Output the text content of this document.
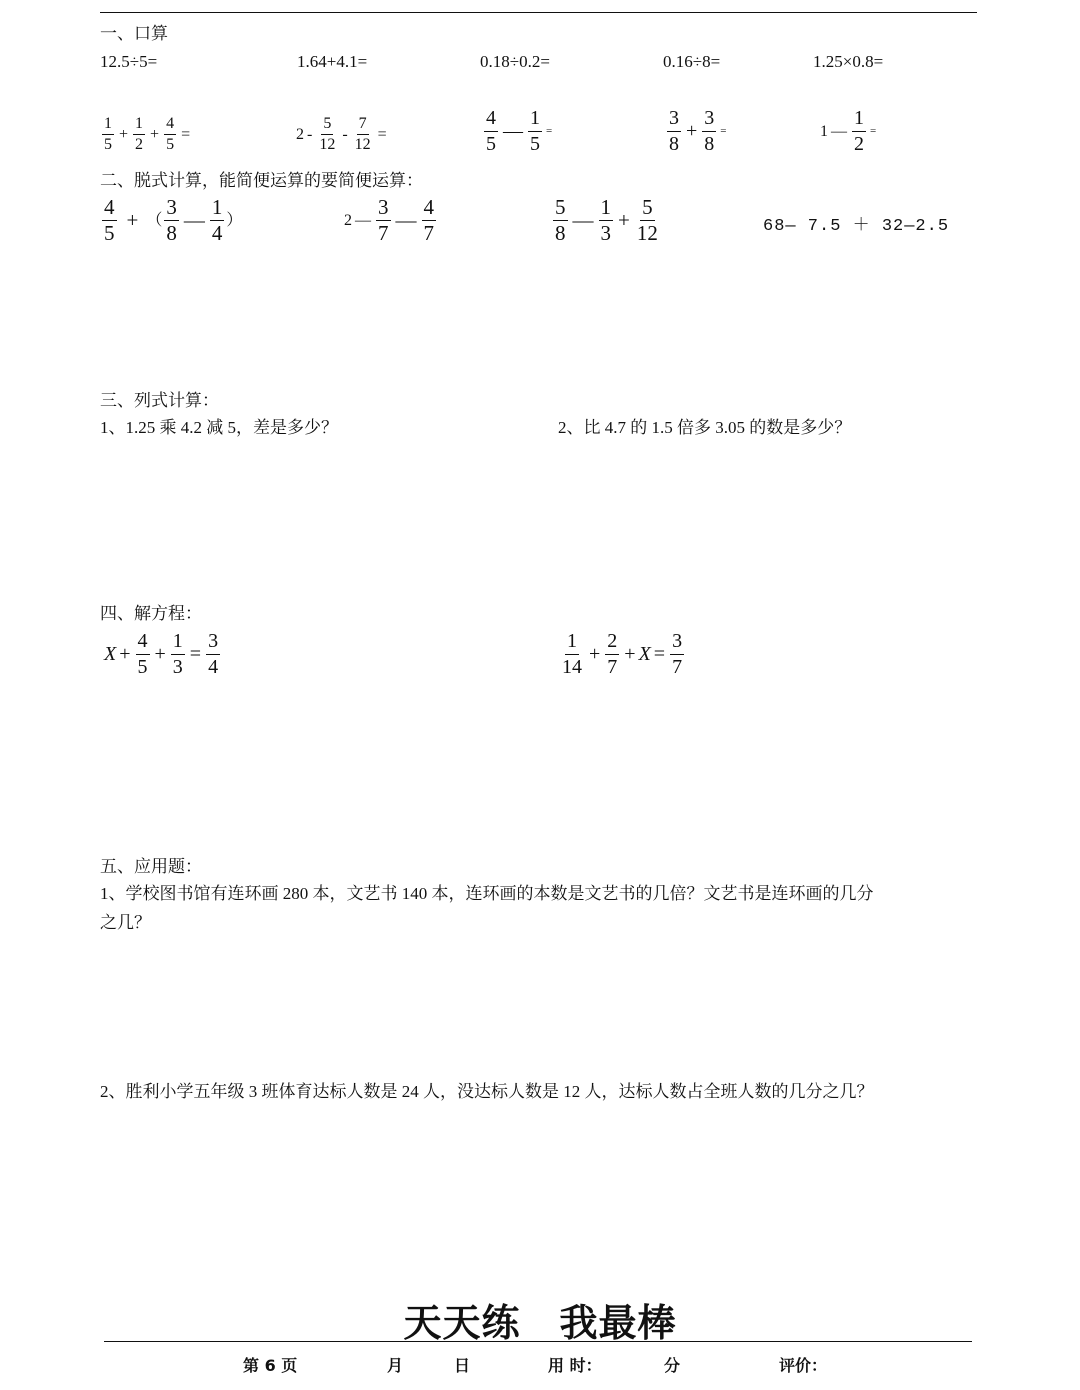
一、口算
12.5÷5=	1.64+4.1=	0.18÷0.2=	0.16÷8=	1.25×0.8=
$\frac{1}{5} + \frac{1}{2} + \frac{4}{5}$ =	$2 - \frac{5}{12} - \frac{7}{12}$ =	$\frac{4}{5}$ — $\frac{1}{5}$ =	$\frac{3}{8} + \frac{3}{8}$ =	1 — $\frac{1}{2}$ =
二、脱式计算，能简便运算的要简便运算：
$\frac{4}{5}$ + （ $\frac{3}{8}$ — $\frac{1}{4}$ ）	2 — $\frac{3}{7}$ — $\frac{4}{7}$	$\frac{5}{8}$ — $\frac{1}{3} + \frac{5}{12}$	68— 7.5 ＋ 32—2.5
三、列式计算：
1、1.25 乘 4.2 减 5，差是多少？	2、比 4.7 的 1.5 倍多 3.05 的数是多少？
四、解方程：
$X + \frac{4}{5} + \frac{1}{3} = \frac{3}{4}$	$\frac{1}{14} + \frac{2}{7} + X = \frac{3}{7}$
五、应用题：
1、学校图书馆有连环画 280 本，文艺书 140 本，连环画的本数是文艺书的几倍？文艺书是连环画的几分
之几？
2、胜利小学五年级 3 班体育达标人数是 24 人，没达标人数是 12 人，达标人数占全班人数的几分之几？
天天练　我最棒
第 6 页	月	日	用 时：	分	评价：
